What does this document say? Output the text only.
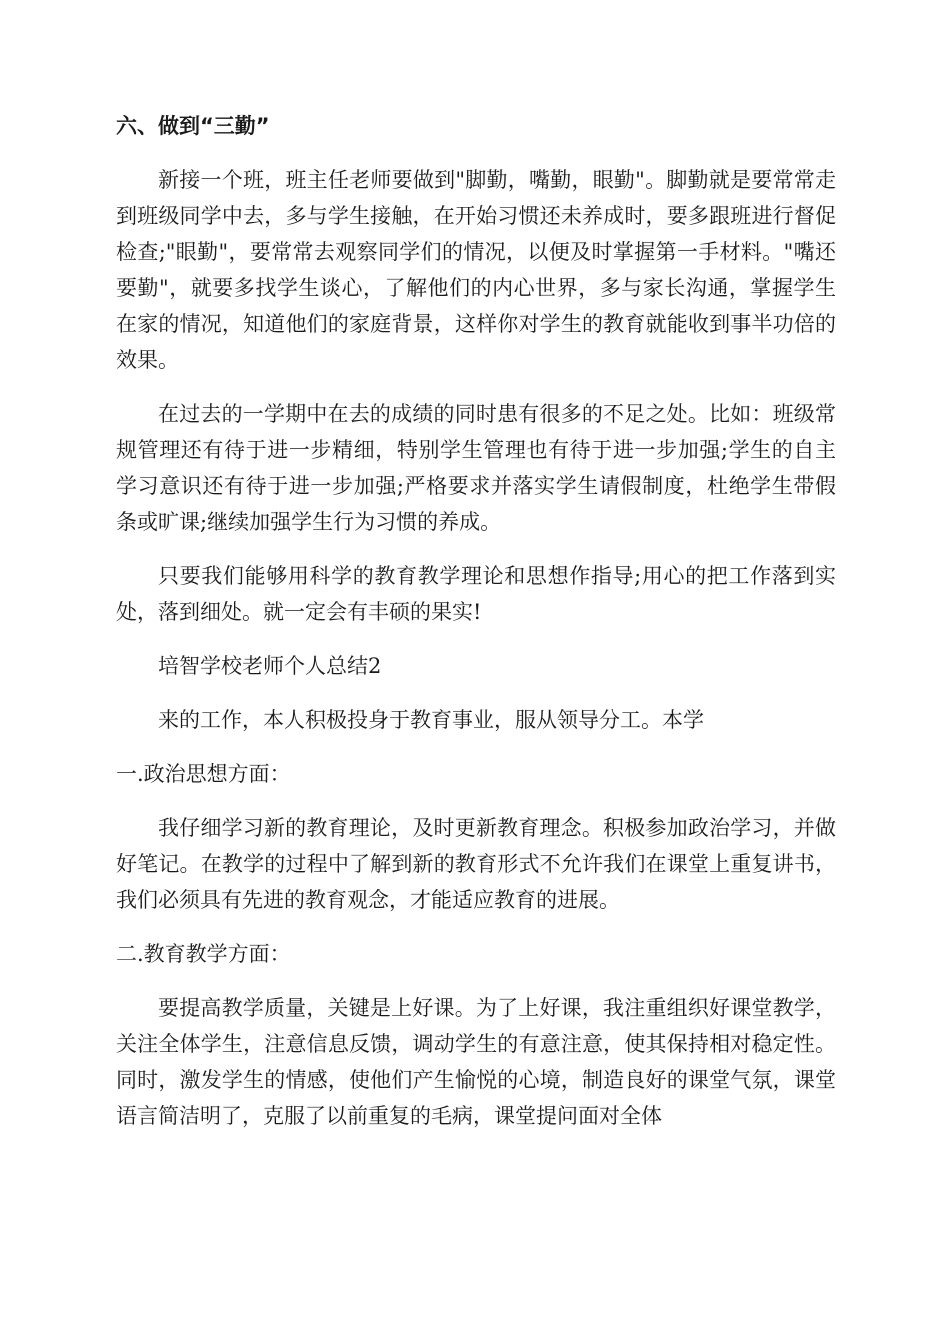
六、做到“三勤”

新接一个班，班主任老师要做到"脚勤，嘴勤，眼勤"。脚勤就是要常常走到班级同学中去，多与学生接触，在开始习惯还未养成时，要多跟班进行督促检查;"眼勤"，要常常去观察同学们的情况，以便及时掌握第一手材料。"嘴还要勤"，就要多找学生谈心，了解他们的内心世界，多与家长沟通，掌握学生在家的情况，知道他们的家庭背景，这样你对学生的教育就能收到事半功倍的效果。

在过去的一学期中在去的成绩的同时患有很多的不足之处。比如：班级常规管理还有待于进一步精细，特别学生管理也有待于进一步加强;学生的自主学习意识还有待于进一步加强;严格要求并落实学生请假制度，杜绝学生带假条或旷课;继续加强学生行为习惯的养成。

只要我们能够用科学的教育教学理论和思想作指导;用心的把工作落到实处，落到细处。就一定会有丰硕的果实!

培智学校老师个人总结2

来的工作，本人积极投身于教育事业，服从领导分工。本学

一.政治思想方面：

我仔细学习新的教育理论，及时更新教育理念。积极参加政治学习，并做好笔记。在教学的过程中了解到新的教育形式不允许我们在课堂上重复讲书，我们必须具有先进的教育观念，才能适应教育的进展。

二.教育教学方面：

要提高教学质量，关键是上好课。为了上好课，我注重组织好课堂教学，关注全体学生，注意信息反馈，调动学生的有意注意，使其保持相对稳定性。同时，激发学生的情感，使他们产生愉悦的心境，制造良好的课堂气氛，课堂语言简洁明了，克服了以前重复的毛病，课堂提问面对全体
